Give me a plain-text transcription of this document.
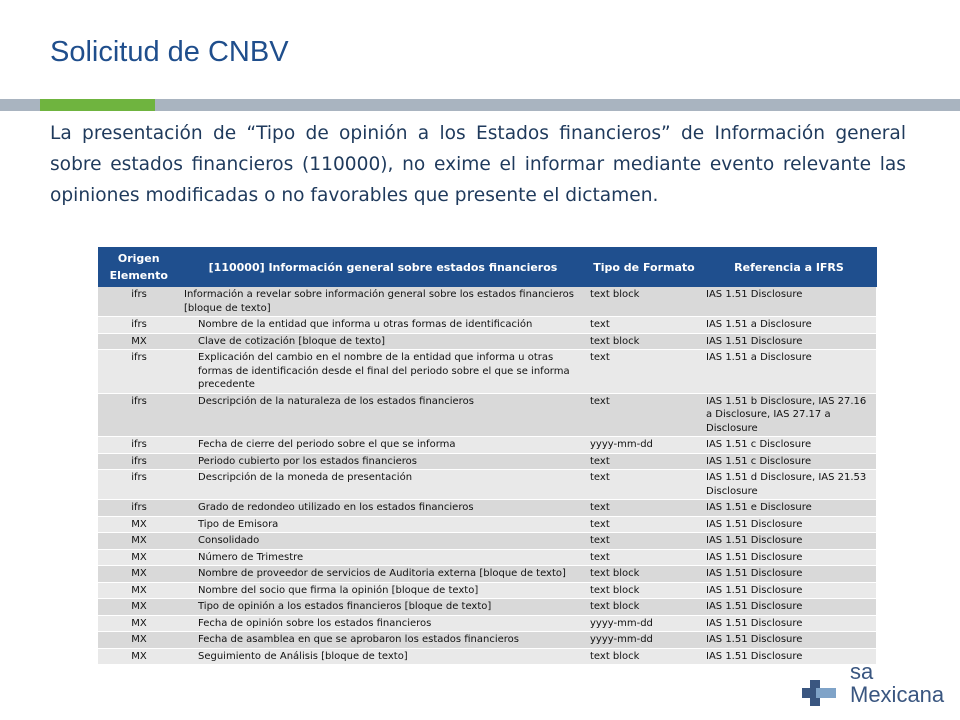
Solicitud de CNBV
La presentación de “Tipo de opinión a los Estados financieros” de Información general sobre estados financieros (110000), no exime el informar mediante evento relevante las opiniones modificadas o no favorables que presente el dictamen.
Origen Elemento	[110000] Información general sobre estados financieros	Tipo de Formato	Referencia a IFRS
ifrs	Información a revelar sobre información general sobre los estados financieros [bloque de texto]	text block	IAS 1.51 Disclosure
ifrs	Nombre de la entidad que informa u otras formas de identificación	text	IAS 1.51 a Disclosure
MX	Clave de cotización [bloque de texto]	text block	IAS 1.51 Disclosure
ifrs	Explicación del cambio en el nombre de la entidad que informa u otras formas de identificación desde el final del periodo sobre el que se informa precedente	text	IAS 1.51 a Disclosure
ifrs	Descripción de la naturaleza de los estados financieros	text	IAS 1.51 b Disclosure, IAS 27.16 a Disclosure, IAS 27.17 a Disclosure
ifrs	Fecha de cierre del periodo sobre el que se informa	yyyy-mm-dd	IAS 1.51 c Disclosure
ifrs	Periodo cubierto por los estados financieros	text	IAS 1.51 c Disclosure
ifrs	Descripción de la moneda de presentación	text	IAS 1.51 d Disclosure, IAS 21.53 Disclosure
ifrs	Grado de redondeo utilizado en los estados financieros	text	IAS 1.51 e Disclosure
MX	Tipo de Emisora	text	IAS 1.51 Disclosure
MX	Consolidado	text	IAS 1.51 Disclosure
MX	Número de Trimestre	text	IAS 1.51 Disclosure
MX	Nombre de proveedor de servicios de Auditoria externa [bloque de texto]	text block	IAS 1.51 Disclosure
MX	Nombre del socio que firma la opinión [bloque de texto]	text block	IAS 1.51 Disclosure
MX	Tipo de opinión a los estados financieros [bloque de texto]	text block	IAS 1.51 Disclosure
MX	Fecha de opinión sobre los estados financieros	yyyy-mm-dd	IAS 1.51 Disclosure
MX	Fecha de asamblea en que se aprobaron los estados financieros	yyyy-mm-dd	IAS 1.51 Disclosure
MX	Seguimiento de Análisis [bloque de texto]	text block	IAS 1.51 Disclosure
sa
Mexicana
